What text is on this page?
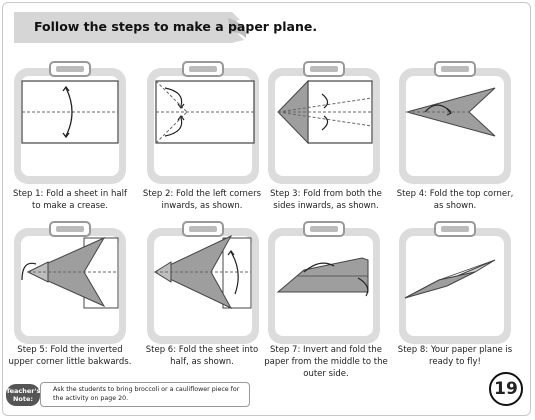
Follow the steps to make a paper plane.
Step 1: Fold a sheet in half to make a crease.
Step 2: Fold the left corners inwards, as shown.
Step 3: Fold from both the sides inwards, as shown.
Step 4: Fold the top corner, as shown.
Step 5: Fold the inverted upper corner little bakwards.
Step 6: Fold the sheet into half, as shown.
Step 7: Invert and fold the paper from the middle to the outer side.
Step 8: Your paper plane is ready to fly!
Ask the students to bring broccoli or a cauliflower piece for the activity on page 20.
Teacher's Note:	19
